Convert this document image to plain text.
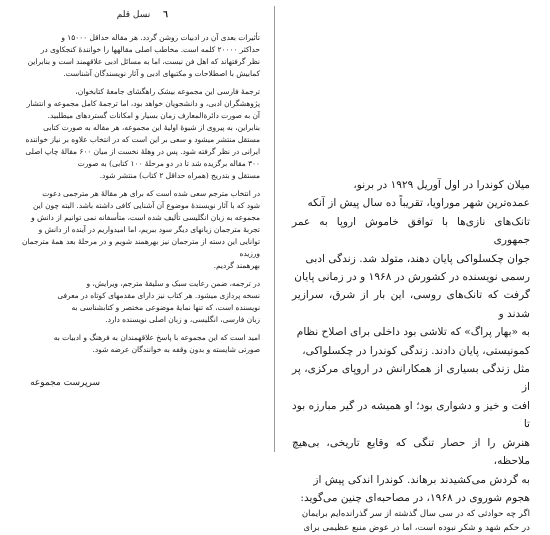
٦ نسل قلم

تأثیرات بعدی آن در ادبیات روشن گردد. هر مقاله حداقل ۱۵۰۰۰ و
حداکثر ۲۰۰۰۰ کلمه است. مخاطب اصلی مقالهها را خوانندهٔ کنجکاوی در
نظر گرفتهاند که اهل فن نیست، اما به مسائل ادبی علاقهمند است و بنابراین
کمابیش با اصطلاحات و مکتبهای ادبی و آثار نویسندگان آشناست.

ترجمهٔ فارسی این مجموعه بیشک راهگشای جامعهٔ کتابخوان،
پژوهشگران ادبی، و دانشجویان خواهد بود، اما ترجمهٔ کامل مجموعه و انتشار
آن به صورت دائرةالمعارف زمان بسیار و امکانات گستردهای میطلبید.
بنابراین، به پیروی از شیوهٔ اولیهٔ این مجموعه، هر مقاله به صورت کتابی
مستقل منتشر میشود و سعی بر این است که در انتخاب علاوه بر نیاز خواننده
ایرانی در نظر گرفته شود. پس در وهلهٔ نخست از میان ۶۰۰ مقالهٔ چاپ اصلی
۳۰۰ مقاله برگزیده شد تا در دو مرحلهٔ ۱۰۰ کتابی) به صورت
مستقل و بتدریج (همراه حداقل ۲ کتاب) منتشر شود.

در انتخاب مترجم سعی شده است که برای هر مقالهٔ هر مترجمی دعوت
شود که با آثار نویسندهٔ موضوع آن آشنایی کافی داشته باشد. البته چون این
مجموعه به زبان انگلیسی تألیف شده است، متأسفانه نمی توانیم از دانش و
تجربهٔ مترجمان زبانهای دیگر سود ببریم، اما امیدواریم در آینده از دانش و
توانایی این دسته از مترجمان نیز بهرهمند شویم و در مرحلهٔ بعد همهٔ مترجمان ورزیده
بهرهمند گردیم.

در ترجمه، ضمن رعایت سبک و سلیقهٔ مترجم، ویرایش، و
نسخه پردازی میشود. هر کتاب نیز دارای مقدمهای کوتاه در معرفی
نویسنده است، که تنها نمایهٔ موضوعی مختصر و کتابشناسی به
زبان فارسی، انگلیسی، و زبان اصلی نویسنده دارد.

امید است که این مجموعه با پاسخ علاقهمندان به فرهنگ و ادبیات به
صورتی شایسته و بدون وقفه به خوانندگان عرضه شود.

سرپرست مجموعه

میلان کوندرا در اول آوریل ۱۹۲۹ در برنو،
عمده‌ترین شهر موراویا، تقریباً ده سال پیش از آنکه
تانک‌های نازی‌ها با توافق خاموش اروپا به عمر جمهوری
جوان چکسلواکی پایان دهند، متولد شد. زندگی ادبی
رسمی نویسنده در کشورش در ۱۹۶۸ و در زمانی پایان
گرفت که تانک‌های روسی، این بار از شرق، سرازیر شدند و
به «بهار پراگ» که تلاشی بود داخلی برای اصلاح نظام
کمونیستی، پایان دادند. زندگی کوندرا در چکسلواکی،
مثل زندگی بسیاری از همکارانش در اروپای مرکزی، پر از
افت و خیز و دشواری بود؛ او همیشه در گیر مبارزه بود تا
هنرش را از حصار تنگی که وقایع تاریخی، بی‌هیچ ملاحظه،
به گردش می‌کشیدند برهاند. کوندرا اندکی پیش از
هجوم شوروی در ۱۹۶۸، در مصاحبه‌ای چنین می‌گوید:

اگر چه حوادثی که در سی سال گذشته از سر گذرانده‌ایم برایمان
در حکم شهد و شکر نبوده است، اما در عوض منبع عظیمی برای
